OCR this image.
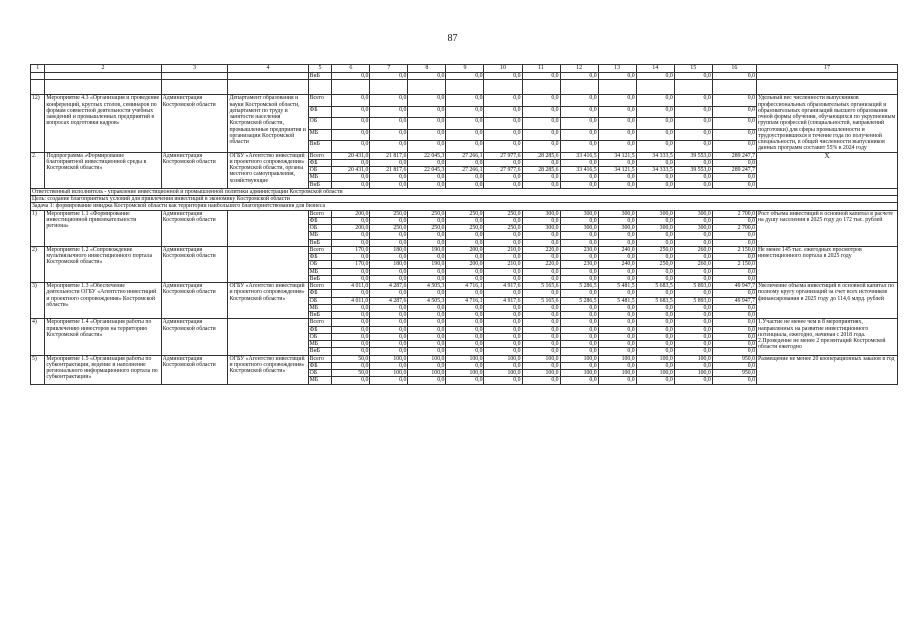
87
1	2	3	4	5	6	7	8	9	10	11	12	13	14	15	16	17
				ВнБ	0,0	0,0	0,0	0,0	0,0	0,0	0,0	0,0	0,0	0,0	0,0	

12)	Мероприятие 4.3 «Организация и проведение конференций, круглых столов, семинаров по формам совместной деятельности учебных заведений и промышленных предприятий в вопросах подготовки кадров»	Администрация Костромской области	Департамент образования и науки Костромской области, департамент по труду и занятости населения Костромской области, промышленные предприятия и организации Костромской области	Всего	0,0	0,0	0,0	0,0	0,0	0,0	0,0	0,0	0,0	0,0	0,0	Удельный вес численности выпускников профессиональных образовательных организаций и образовательных организаций высшего образования очной формы обучения, обучающихся по укрупненным группам профессий (специальностей, направлений подготовки) для сферы промышленности и трудоустроившихся в течение года по полученной специальности, в общей численности выпускников данных программ составит 55% в 2024 году
				ФБ	0,0	0,0	0,0	0,0	0,0	0,0	0,0	0,0	0,0	0,0	0,0	
				ОБ	0,0	0,0	0,0	0,0	0,0	0,0	0,0	0,0	0,0	0,0	0,0	
				МБ	0,0	0,0	0,0	0,0	0,0	0,0	0,0	0,0	0,0	0,0	0,0	
				ВнБ	0,0	0,0	0,0	0,0	0,0	0,0	0,0	0,0	0,0	0,0	0,0	
2.	Подпрограмма «Формирование благоприятной инвестиционной среды в Костромской области»	Администрация Костромской области	ОГБУ «Агентство инвестиций и проектного сопровождения» Костромской области, органы местного самоуправления, хозяйствующие	Всего	20 431,0	21 817,6	22 045,3	27 266,1	27 977,6	28 285,6	33 416,5	34 121,5	34 333,5	39 553,0	289 247,7	Х
				ФБ	0,0	0,0	0,0	0,0	0,0	0,0	0,0	0,0	0,0	0,0	0,0	
				ОБ	20 431,0	21 817,6	22 045,3	27 266,1	27 977,6	28 285,6	33 416,5	34 121,5	34 333,5	39 553,0	289 247,7	
				МБ	0,0	0,0	0,0	0,0	0,0	0,0	0,0	0,0	0,0	0,0	0,0	
				ВнБ	0,0	0,0	0,0	0,0	0,0	0,0	0,0	0,0	0,0	0,0	0,0	
Ответственный исполнитель - управление инвестиционной и промышленной политики администрации Костромской области																
Цель: создание благоприятных условий для привлечения инвестиций в экономику Костромской области																
Задача 1: формирование имиджа Костромской области как территории наибольшего благоприятствования для бизнеса																
1)	Мероприятие 1.1 «Формирование инвестиционной привлекательности региона»	Администрация Костромской области		Всего	200,0	250,0	250,0	250,0	250,0	300,0	300,0	300,0	300,0	300,0	2 700,0	Рост объема инвестиций в основной капитал в расчете на душу населения в 2025 году до 172 тыс. рублей
				ФБ	0,0	0,0	0,0	0,0	0,0	0,0	0,0	0,0	0,0	0,0	0,0	
				ОБ	200,0	250,0	250,0	250,0	250,0	300,0	300,0	300,0	300,0	300,0	2 700,0	
				МБ	0,0	0,0	0,0	0,0	0,0	0,0	0,0	0,0	0,0	0,0	0,0	
				ВнБ	0,0	0,0	0,0	0,0	0,0	0,0	0,0	0,0	0,0	0,0	0,0	
2)	Мероприятие 1.2 «Сопровождение мультиязычного инвестиционного портала Костромской области»	Администрация Костромской области		Всего	170,0	180,0	190,0	200,0	210,0	220,0	230,0	240,0	250,0	260,0	2 150,0	Не менее 145 тыс. ежегодных просмотров инвестиционного портала в 2025 году
				ФБ	0,0	0,0	0,0	0,0	0,0	0,0	0,0	0,0	0,0	0,0	0,0	
				ОБ	170,0	180,0	190,0	200,0	210,0	220,0	230,0	240,0	250,0	260,0	2 150,0	
				МБ	0,0	0,0	0,0	0,0	0,0	0,0	0,0	0,0	0,0	0,0	0,0	
				ВнБ	0,0	0,0	0,0	0,0	0,0	0,0	0,0	0,0	0,0	0,0	0,0	
3)	Мероприятие 1.3 «Обеспечение деятельности ОГБУ «Агентство инвестиций и проектного сопровождения» Костромской области»	Администрация Костромской области	ОГБУ «Агентство инвестиций и проектного сопровождения» Костромской области»	Всего	4 011,0	4 287,6	4 505,3	4 716,1	4 917,6	5 165,6	5 286,5	5 481,5	5 683,5	5 893,0	49 947,7	Увеличение объема инвестиций в основной капитал по полному кругу организаций за счет всех источников финансирования в 2025 году до 114,6 млрд. рублей
				ФБ	0,0	0,0	0,0	0,0	0,0	0,0	0,0	0,0	0,0	0,0	0,0	
				ОБ	4 011,0	4 287,6	4 505,3	4 716,1	4 917,6	5 165,6	5 286,5	5 481,5	5 683,5	5 893,0	49 947,7	
				МБ	0,0	0,0	0,0	0,0	0,0	0,0	0,0	0,0	0,0	0,0	0,0	
				ВнБ	0,0	0,0	0,0	0,0	0,0	0,0	0,0	0,0	0,0	0,0	0,0	
4)	Мероприятие 1.4 «Организация работы по привлечению инвесторов на территорию Костромской области»	Администрация Костромской области		Всего	0,0	0,0	0,0	0,0	0,0	0,0	0,0	0,0	0,0	0,0	0,0	1.Участие не менее чем в 8 мероприятиях, направленных на развитие инвестиционного потенциала, ежегодно, начиная с 2018 года. 2.Проведение не менее 2 презентаций Костромской области ежегодно
				ФБ	0,0	0,0	0,0	0,0	0,0	0,0	0,0	0,0	0,0	0,0	0,0	
				ОБ	0,0	0,0	0,0	0,0	0,0	0,0	0,0	0,0	0,0	0,0	0,0	
				МБ	0,0	0,0	0,0	0,0	0,0	0,0	0,0	0,0	0,0	0,0	0,0	
				ВнБ	0,0	0,0	0,0	0,0	0,0	0,0	0,0	0,0	0,0	0,0	0,0	
5)	Мероприятие 1.5 «Организация работы по субконтрактации, ведение и наполнение регионального информационного портала по субконтрактации»	Администрация Костромской области	ОГБУ «Агентство инвестиций и проектного сопровождения» Костромской области»	Всего	50,0	100,0	100,0	100,0	100,0	100,0	100,0	100,0	100,0	100,0	950,0	Размещение не менее 20 кооперационных заказов в год
				ФБ	0,0	0,0	0,0	0,0	0,0	0,0	0,0	0,0	0,0	0,0	0,0	
				ОБ	50,0	100,0	100,0	100,0	100,0	100,0	100,0	100,0	100,0	100,0	950,0	
				МБ	0,0	0,0	0,0	0,0	0,0	0,0	0,0	0,0	0,0	0,0	0,0	
